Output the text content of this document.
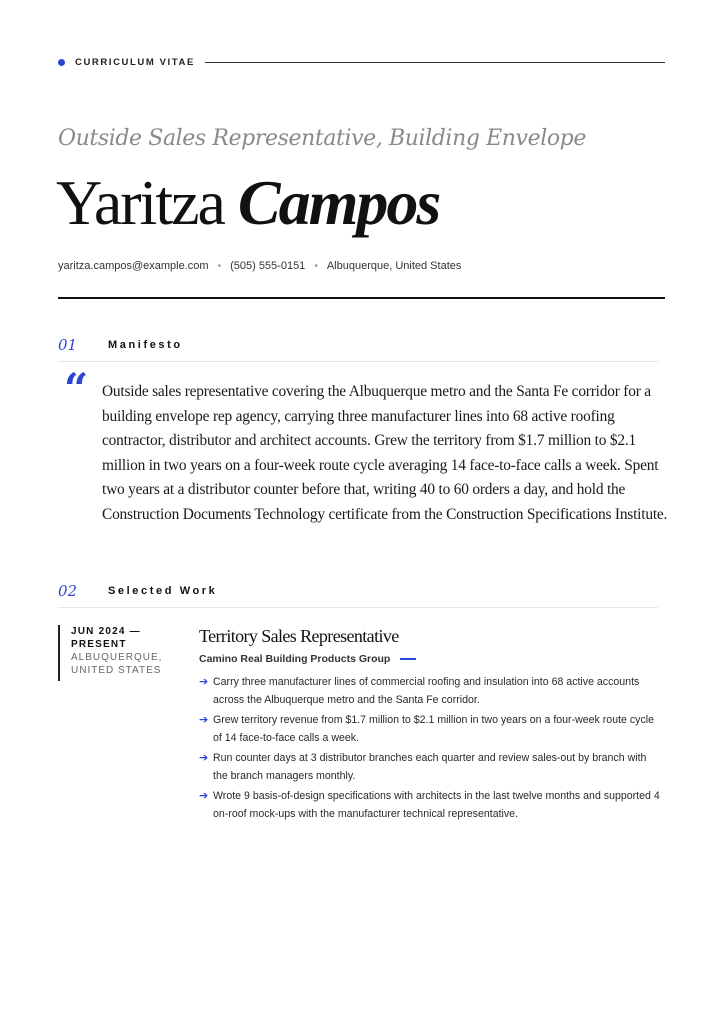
CURRICULUM VITAE
Outside Sales Representative, Building Envelope
Yaritza Campos
yaritza.campos@example.com • (505) 555-0151 • Albuquerque, United States
01	Manifesto
“ Outside sales representative covering the Albuquerque metro and the Santa Fe corridor for a building envelope rep agency, carrying three manufacturer lines into 68 active roofing contractor, distributor and architect accounts. Grew the territory from $1.7 million to $2.1 million in two years on a four-week route cycle averaging 14 face-to-face calls a week. Spent two years at a distributor counter before that, writing 40 to 60 orders a day, and hold the Construction Documents Technology certificate from the Construction Specifications Institute.
02	Selected Work
JUN 2024 —
PRESENT
ALBUQUERQUE,
UNITED STATES
Territory Sales Representative
Camino Real Building Products Group
➔ Carry three manufacturer lines of commercial roofing and insulation into 68 active accounts across the Albuquerque metro and the Santa Fe corridor.
➔ Grew territory revenue from $1.7 million to $2.1 million in two years on a four-week route cycle of 14 face-to-face calls a week.
➔ Run counter days at 3 distributor branches each quarter and review sales-out by branch with the branch managers monthly.
➔ Wrote 9 basis-of-design specifications with architects in the last twelve months and supported 4 on-roof mock-ups with the manufacturer technical representative.
